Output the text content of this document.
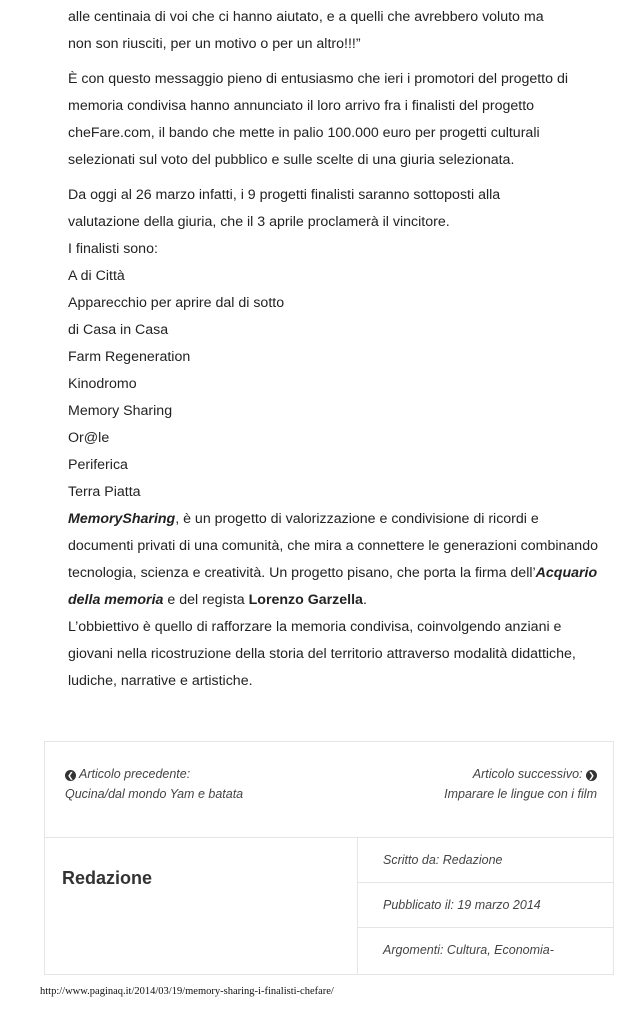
alle centinaia di voi che ci hanno aiutato, e a quelli che avrebbero voluto ma
non son riusciti, per un motivo o per un altro!!!”

È con questo messaggio pieno di entusiasmo che ieri i promotori del progetto di memoria condivisa hanno annunciato il loro arrivo fra i finalisti del progetto cheFare.com, il bando che mette in palio 100.000 euro per progetti culturali selezionati sul voto del pubblico e sulle scelte di una giuria selezionata.

Da oggi al 26 marzo infatti, i 9 progetti finalisti saranno sottoposti alla
valutazione della giuria, che il 3 aprile proclamerà il vincitore.
I finalisti sono:
A di Città
Apparecchio per aprire dal di sotto
di Casa in Casa
Farm Regeneration
Kinodromo
Memory Sharing
Or@le
Periferica
Terra Piatta
MemorySharing, è un progetto di valorizzazione e condivisione di ricordi e documenti privati di una comunità, che mira a connettere le generazioni combinando tecnologia, scienza e creatività. Un progetto pisano, che porta la firma dell’Acquario della memoria e del regista Lorenzo Garzella.
L’obbiettivo è quello di rafforzare la memoria condivisa, coinvolgendo anziani e giovani nella ricostruzione della storia del territorio attraverso modalità didattiche, ludiche, narrative e artistiche.
❮ Articolo precedente:
Qucina/dal mondo Yam e batata
Articolo successivo: ❯
Imparare le lingue con i film
Redazione
Scritto da: Redazione
Pubblicato il: 19 marzo 2014
Argomenti: Cultura, Economia-
http://www.paginaq.it/2014/03/19/memory-sharing-i-finalisti-chefare/
